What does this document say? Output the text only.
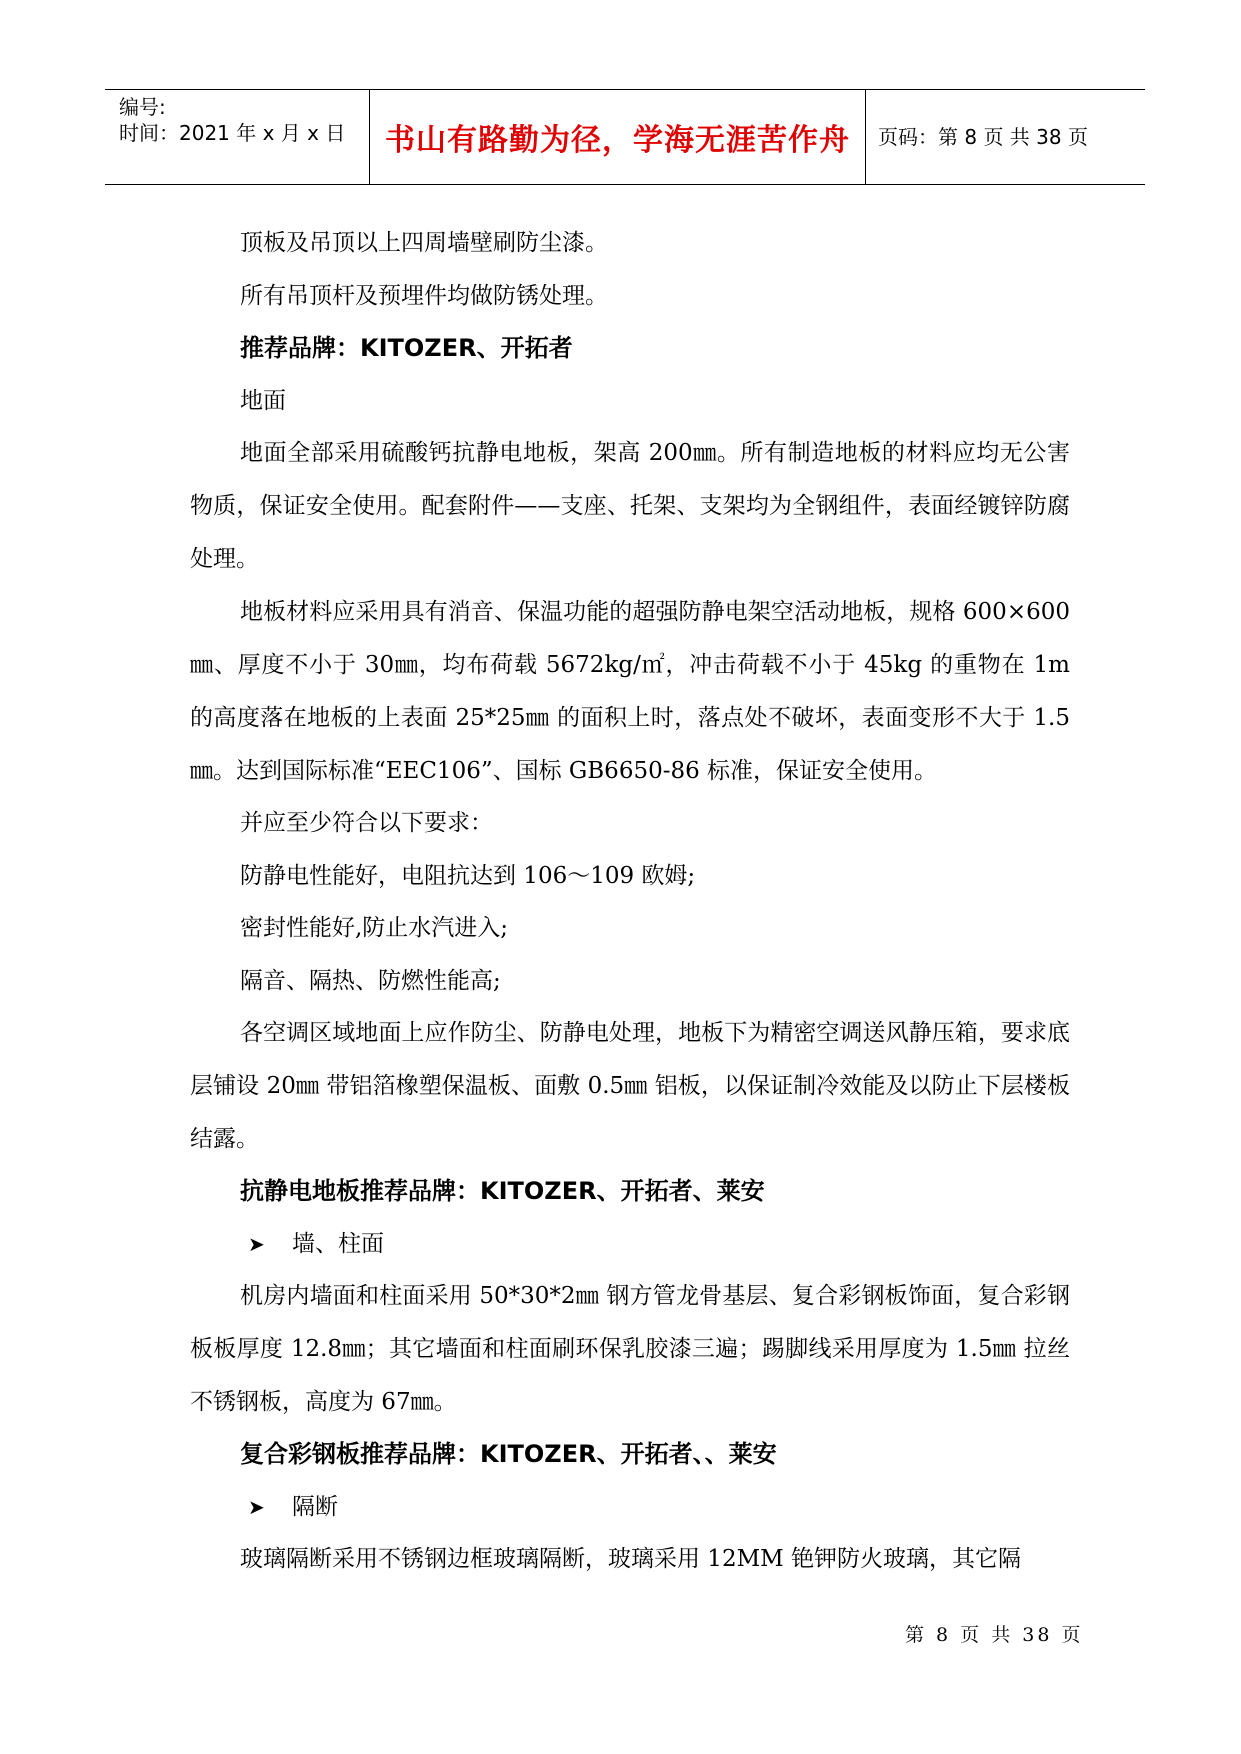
编号:
时间：2021 年 x 月 x 日 书山有路勤为径，学海无涯苦作舟 页码：第 8 页 共 38 页
顶板及吊顶以上四周墙壁刷防尘漆。
所有吊顶杆及预埋件均做防锈处理。
推荐品牌：KITOZER、开拓者
地面
地面全部采用硫酸钙抗静电地板，架高 200㎜。所有制造地板的材料应均无公害物质，保证安全使用。配套附件——支座、托架、支架均为全钢组件，表面经镀锌防腐处理。
地板材料应采用具有消音、保温功能的超强防静电架空活动地板，规格 600×600㎜、厚度不小于 30㎜，均布荷载 5672kg/㎡，冲击荷载不小于 45kg 的重物在 1m 的高度落在地板的上表面 25*25㎜ 的面积上时，落点处不破坏，表面变形不大于 1.5㎜。达到国际标准“EEC106”、国标 GB6650-86 标准，保证安全使用。
并应至少符合以下要求：
防静电性能好，电阻抗达到 106～109 欧姆;
密封性能好,防止水汽进入;
隔音、隔热、防燃性能高;
各空调区域地面上应作防尘、防静电处理，地板下为精密空调送风静压箱，要求底层铺设 20㎜ 带铝箔橡塑保温板、面敷 0.5㎜ 铝板，以保证制冷效能及以防止下层楼板结露。
抗静电地板推荐品牌：KITOZER、开拓者、莱安
➤ 墙、柱面
机房内墙面和柱面采用 50*30*2㎜ 钢方管龙骨基层、复合彩钢板饰面，复合彩钢板板厚度 12.8㎜；其它墙面和柱面刷环保乳胶漆三遍；踢脚线采用厚度为 1.5㎜ 拉丝不锈钢板，高度为 67㎜。
复合彩钢板推荐品牌：KITOZER、开拓者、、莱安
➤ 隔断
玻璃隔断采用不锈钢边框玻璃隔断，玻璃采用 12MM 铯钾防火玻璃，其它隔
第 8 页 共 38 页
